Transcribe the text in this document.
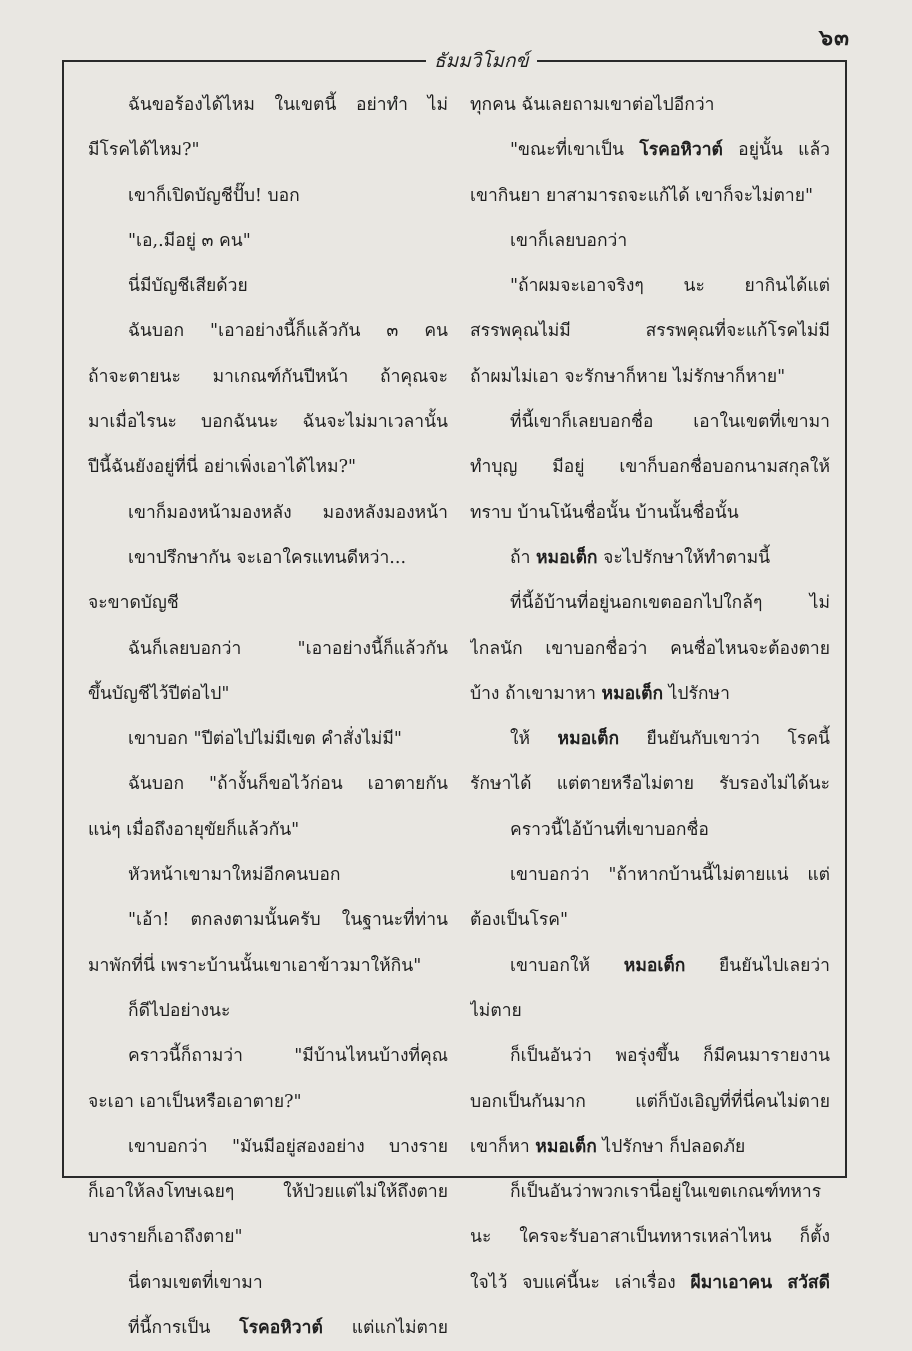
๖๓
ธัมมวิโมกข์
ฉันขอร้องได้ไหม ในเขตนี้ อย่าทำ ไม่
มีโรคได้ไหม?"
เขาก็เปิดบัญชีปั๊บ! บอก
"เอ,.มีอยู่ ๓ คน"
นี่มีบัญชีเสียด้วย
ฉันบอก "เอาอย่างนี้ก็แล้วกัน ๓ คน
ถ้าจะตายนะ มาเกณฑ์กันปีหน้า ถ้าคุณจะ
มาเมื่อไรนะ บอกฉันนะ ฉันจะไม่มาเวลานั้น
ปีนี้ฉันยังอยู่ที่นี่ อย่าเพิ่งเอาได้ไหม?"
เขาก็มองหน้ามองหลัง มองหลังมองหน้า
เขาปรึกษากัน จะเอาใครแทนดีหว่า...
จะขาดบัญชี
ฉันก็เลยบอกว่า "เอาอย่างนี้ก็แล้วกัน
ขึ้นบัญชีไว้ปีต่อไป"
เขาบอก "ปีต่อไปไม่มีเขต คำสั่งไม่มี"
ฉันบอก "ถ้างั้นก็ขอไว้ก่อน เอาตายกัน
แน่ๆ เมื่อถึงอายุขัยก็แล้วกัน"
หัวหน้าเขามาใหม่อีกคนบอก
"เอ้า! ตกลงตามนั้นครับ ในฐานะที่ท่าน
มาพักที่นี่ เพราะบ้านนั้นเขาเอาข้าวมาให้กิน"
ก็ดีไปอย่างนะ
คราวนี้ก็ถามว่า "มีบ้านไหนบ้างที่คุณ
จะเอา เอาเป็นหรือเอาตาย?"
เขาบอกว่า "มันมีอยู่สองอย่าง บางราย
ก็เอาให้ลงโทษเฉยๆ ให้ป่วยแต่ไม่ให้ถึงตาย
บางรายก็เอาถึงตาย"
นี่ตามเขตที่เขามา
ที่นี้การเป็น โรคอหิวาต์ แต่แกไม่ตาย
ทุกคน ฉันเลยถามเขาต่อไปอีกว่า
"ขณะที่เขาเป็น โรคอหิวาต์ อยู่นั้น แล้ว
เขากินยา ยาสามารถจะแก้ได้ เขาก็จะไม่ตาย"
เขาก็เลยบอกว่า
"ถ้าผมจะเอาจริงๆ นะ ยากินได้แต่
สรรพคุณไม่มี สรรพคุณที่จะแก้โรคไม่มี
ถ้าผมไม่เอา จะรักษาก็หาย ไม่รักษาก็หาย"
ที่นี้เขาก็เลยบอกชื่อ เอาในเขตที่เขามา
ทำบุญ มีอยู่ เขาก็บอกชื่อบอกนามสกุลให้
ทราบ บ้านโน้นชื่อนั้น บ้านนั้นชื่อนั้น
ถ้า หมอเต็ก จะไปรักษาให้ทำตามนี้
ที่นี้อ้บ้านที่อยู่นอกเขตออกไปใกล้ๆ ไม่
ไกลนัก เขาบอกชื่อว่า คนชื่อไหนจะต้องตาย
บ้าง ถ้าเขามาหา หมอเต็ก ไปรักษา
ให้ หมอเต็ก ยืนยันกับเขาว่า โรคนี้
รักษาได้ แต่ตายหรือไม่ตาย รับรองไม่ได้นะ
คราวนี้ไอ้บ้านที่เขาบอกชื่อ
เขาบอกว่า "ถ้าหากบ้านนี้ไม่ตายแน่ แต่
ต้องเป็นโรค"
เขาบอกให้ หมอเต็ก ยืนยันไปเลยว่า
ไม่ตาย
ก็เป็นอันว่า พอรุ่งขึ้น ก็มีคนมารายงาน
บอกเป็นกันมาก แต่ก็บังเอิญที่ที่นี่คนไม่ตาย
เขาก็หา หมอเต็ก ไปรักษา ก็ปลอดภัย
ก็เป็นอันว่าพวกเรานี่อยู่ในเขตเกณฑ์ทหาร
นะ ใครจะรับอาสาเป็นทหารเหล่าไหน ก็ตั้ง
ใจไว้ จบแค่นี้นะ เล่าเรื่อง ผีมาเอาคน สวัสดี
